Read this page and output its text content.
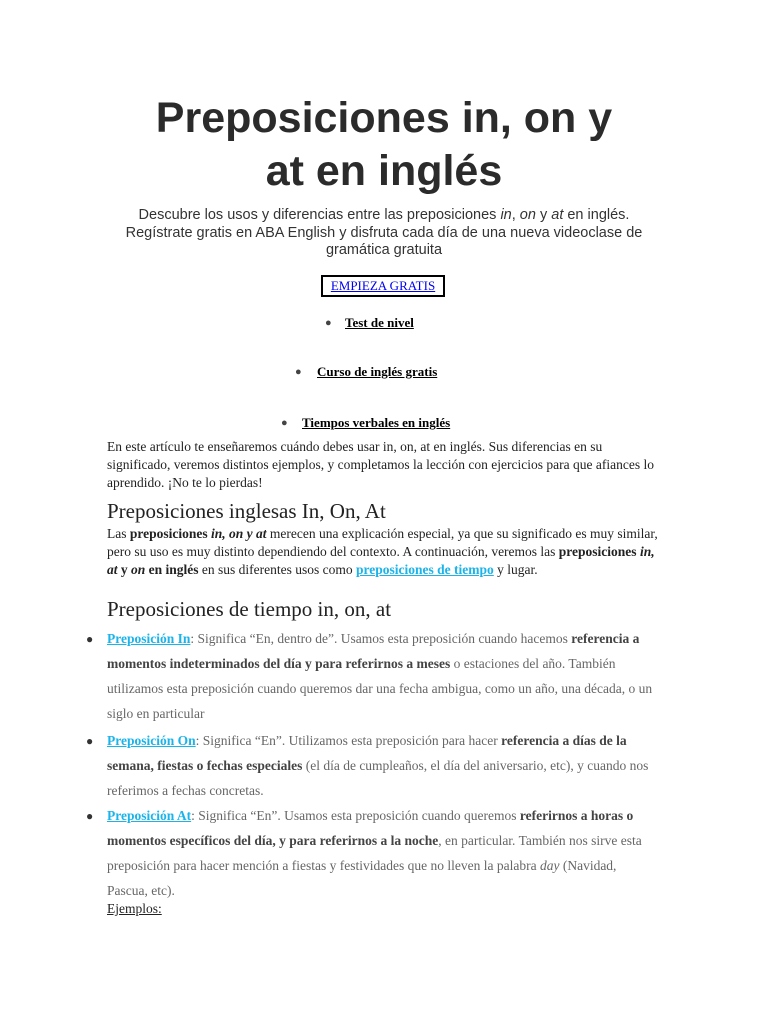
Preposiciones in, on y
at en inglés
Descubre los usos y diferencias entre las preposiciones in, on y at en inglés. Regístrate gratis en ABA English y disfruta cada día de una nueva videoclase de gramática gratuita
EMPIEZA GRATIS
● Test de nivel
● Curso de inglés gratis
● Tiempos verbales en inglés
En este artículo te enseñaremos cuándo debes usar in, on, at en inglés. Sus diferencias en su significado, veremos distintos ejemplos, y completamos la lección con ejercicios para que afiances lo aprendido. ¡No te lo pierdas!
Preposiciones inglesas In, On, At
Las preposiciones in, on y at merecen una explicación especial, ya que su significado es muy similar, pero su uso es muy distinto dependiendo del contexto. A continuación, veremos las preposiciones in, at y on en inglés en sus diferentes usos como preposiciones de tiempo y lugar.
Preposiciones de tiempo in, on, at
● Preposición In: Significa “En, dentro de”. Usamos esta preposición cuando hacemos referencia a momentos indeterminados del día y para referirnos a meses o estaciones del año. También utilizamos esta preposición cuando queremos dar una fecha ambigua, como un año, una década, o un siglo en particular
● Preposición On: Significa “En”. Utilizamos esta preposición para hacer referencia a días de la semana, fiestas o fechas especiales (el día de cumpleaños, el día del aniversario, etc), y cuando nos referimos a fechas concretas.
● Preposición At: Significa “En”. Usamos esta preposición cuando queremos referirnos a horas o momentos específicos del día, y para referirnos a la noche, en particular. También nos sirve esta preposición para hacer mención a fiestas y festividades que no lleven la palabra day (Navidad, Pascua, etc).
Ejemplos:
